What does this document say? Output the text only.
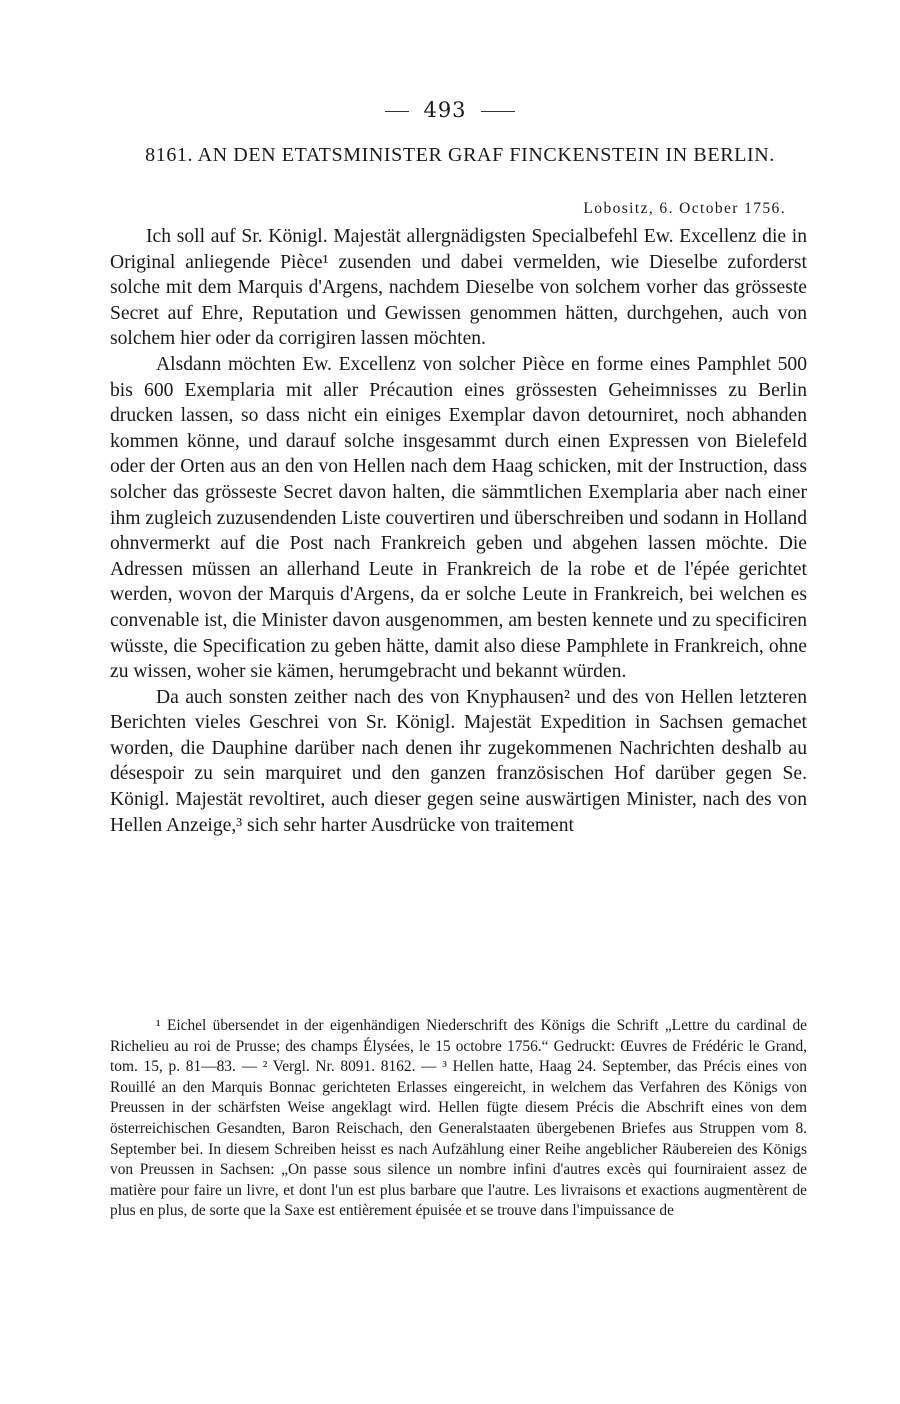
493
8161. AN DEN ETATSMINISTER GRAF FINCKENSTEIN IN BERLIN.
Lobositz, 6. October 1756.

Ich soll auf Sr. Königl. Majestät allergnädigsten Specialbefehl Ew. Excellenz die in Original anliegende Pièce¹ zusenden und dabei vermelden, wie Dieselbe zuforderst solche mit dem Marquis d'Argens, nachdem Dieselbe von solchem vorher das grösseste Secret auf Ehre, Reputation und Gewissen genommen hätten, durchgehen, auch von solchem hier oder da corrigiren lassen möchten.

Alsdann möchten Ew. Excellenz von solcher Pièce en forme eines Pamphlet 500 bis 600 Exemplaria mit aller Précaution eines grössesten Geheimnisses zu Berlin drucken lassen, so dass nicht ein einiges Exemplar davon detourniret, noch abhanden kommen könne, und darauf solche insgesammt durch einen Expressen von Bielefeld oder der Orten aus an den von Hellen nach dem Haag schicken, mit der Instruction, dass solcher das grösseste Secret davon halten, die sämmtlichen Exemplaria aber nach einer ihm zugleich zuzusendenden Liste couvertiren und überschreiben und sodann in Holland ohnvermerkt auf die Post nach Frankreich geben und abgehen lassen möchte. Die Adressen müssen an allerhand Leute in Frankreich de la robe et de l'épée gerichtet werden, wovon der Marquis d'Argens, da er solche Leute in Frankreich, bei welchen es convenable ist, die Minister davon ausgenommen, am besten kennete und zu specificiren wüsste, die Specification zu geben hätte, damit also diese Pamphlete in Frankreich, ohne zu wissen, woher sie kämen, herumgebracht und bekannt würden.

Da auch sonsten zeither nach des von Knyphausen² und des von Hellen letzteren Berichten vieles Geschrei von Sr. Königl. Majestät Expedition in Sachsen gemachet worden, die Dauphine darüber nach denen ihr zugekommenen Nachrichten deshalb au désespoir zu sein marquiret und den ganzen französischen Hof darüber gegen Se. Königl. Majestät revoltiret, auch dieser gegen seine auswärtigen Minister, nach des von Hellen Anzeige,³ sich sehr harter Ausdrücke von traitement

¹ Eichel übersendet in der eigenhändigen Niederschrift des Königs die Schrift „Lettre du cardinal de Richelieu au roi de Prusse; des champs Élysées, le 15 octobre 1756.“ Gedruckt: Œuvres de Frédéric le Grand, tom. 15, p. 81—83. — ² Vergl. Nr. 8091. 8162. — ³ Hellen hatte, Haag 24. September, das Précis eines von Rouillé an den Marquis Bonnac gerichteten Erlasses eingereicht, in welchem das Verfahren des Königs von Preussen in der schärfsten Weise angeklagt wird. Hellen fügte diesem Précis die Abschrift eines von dem österreichischen Gesandten, Baron Reischach, den Generalstaaten übergebenen Briefes aus Struppen vom 8. September bei. In diesem Schreiben heisst es nach Aufzählung einer Reihe angeblicher Räubereien des Königs von Preussen in Sachsen: „On passe sous silence un nombre infini d'autres excès qui fourniraient assez de matière pour faire un livre, et dont l'un est plus barbare que l'autre. Les livraisons et exactions augmentèrent de plus en plus, de sorte que la Saxe est entièrement épuisée et se trouve dans l'impuissance de
